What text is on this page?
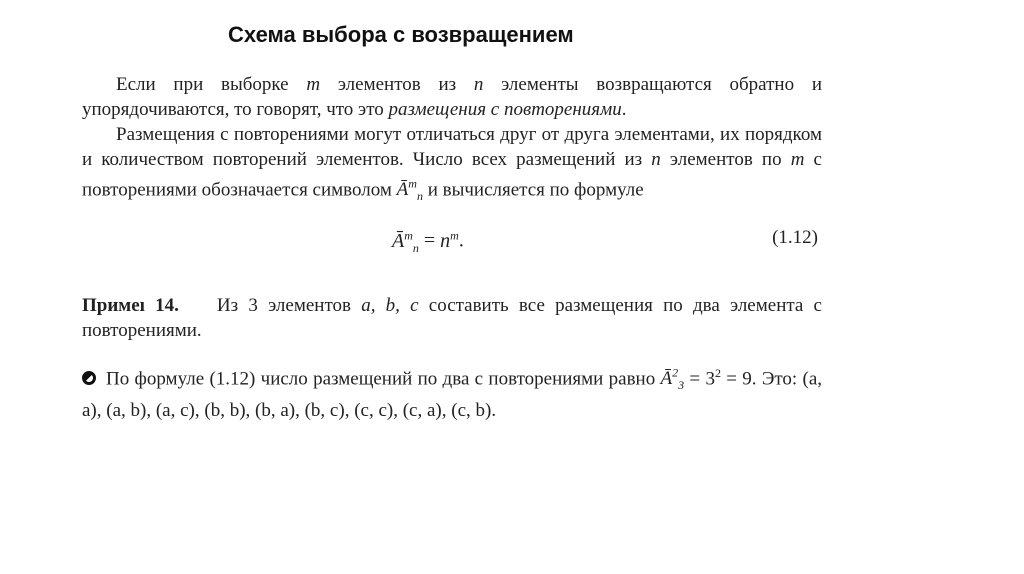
Схема выбора с возвращением

Если при выборке m элементов из n элементы возвращаются обратно и упорядочиваются, то говорят, что это размещения с повторениями.

Размещения с повторениями могут отличаться друг от друга элементами, их порядком и количеством повторений элементов. Число всех размещений из n элементов по m с повторениями обозначается символом $Ā^m_n$ и вычисляется по формуле

$Ā^m_n = n^m$.	(1.12)

Примеı 14. Из 3 элементов a, b, c составить все размещения по два элемента с повторениями.

По формуле (1.12) число размещений по два с повторениями равно $Ā^2_3 = 3^2 = 9$. Это: (a, a), (a, b), (a, c), (b, b), (b, a), (b, c), (c, c), (c, a), (c, b).
